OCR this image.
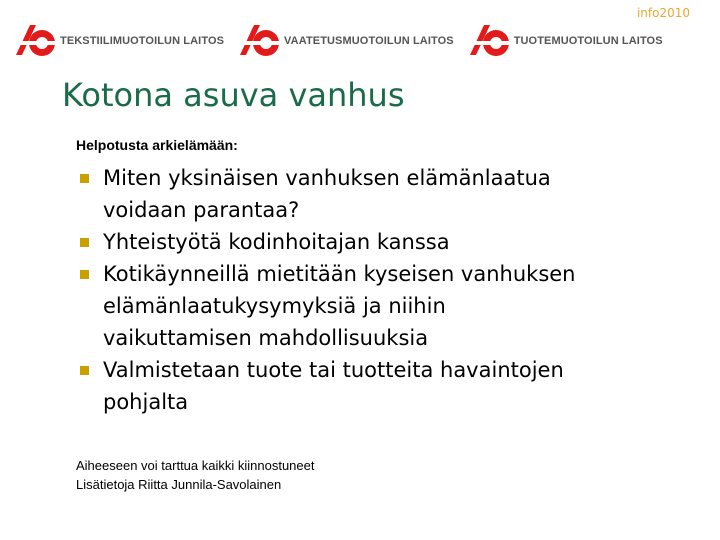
info2010
TEKSTIILIMUOTOILUN LAITOS	VAATETUSMUOTOILUN LAITOS	TUOTEMUOTOILUN LAITOS
Kotona asuva vanhus
Helpotusta arkielämään:
Miten yksinäisen vanhuksen elämänlaatua voidaan parantaa?
Yhteistyötä kodinhoitajan kanssa
Kotikäynneillä mietitään kyseisen vanhuksen elämänlaatukysymyksiä ja niihin vaikuttamisen mahdollisuuksia
Valmistetaan tuote tai tuotteita havaintojen pohjalta
Aiheeseen voi tarttua kaikki kiinnostuneet
Lisätietoja Riitta Junnila-Savolainen
